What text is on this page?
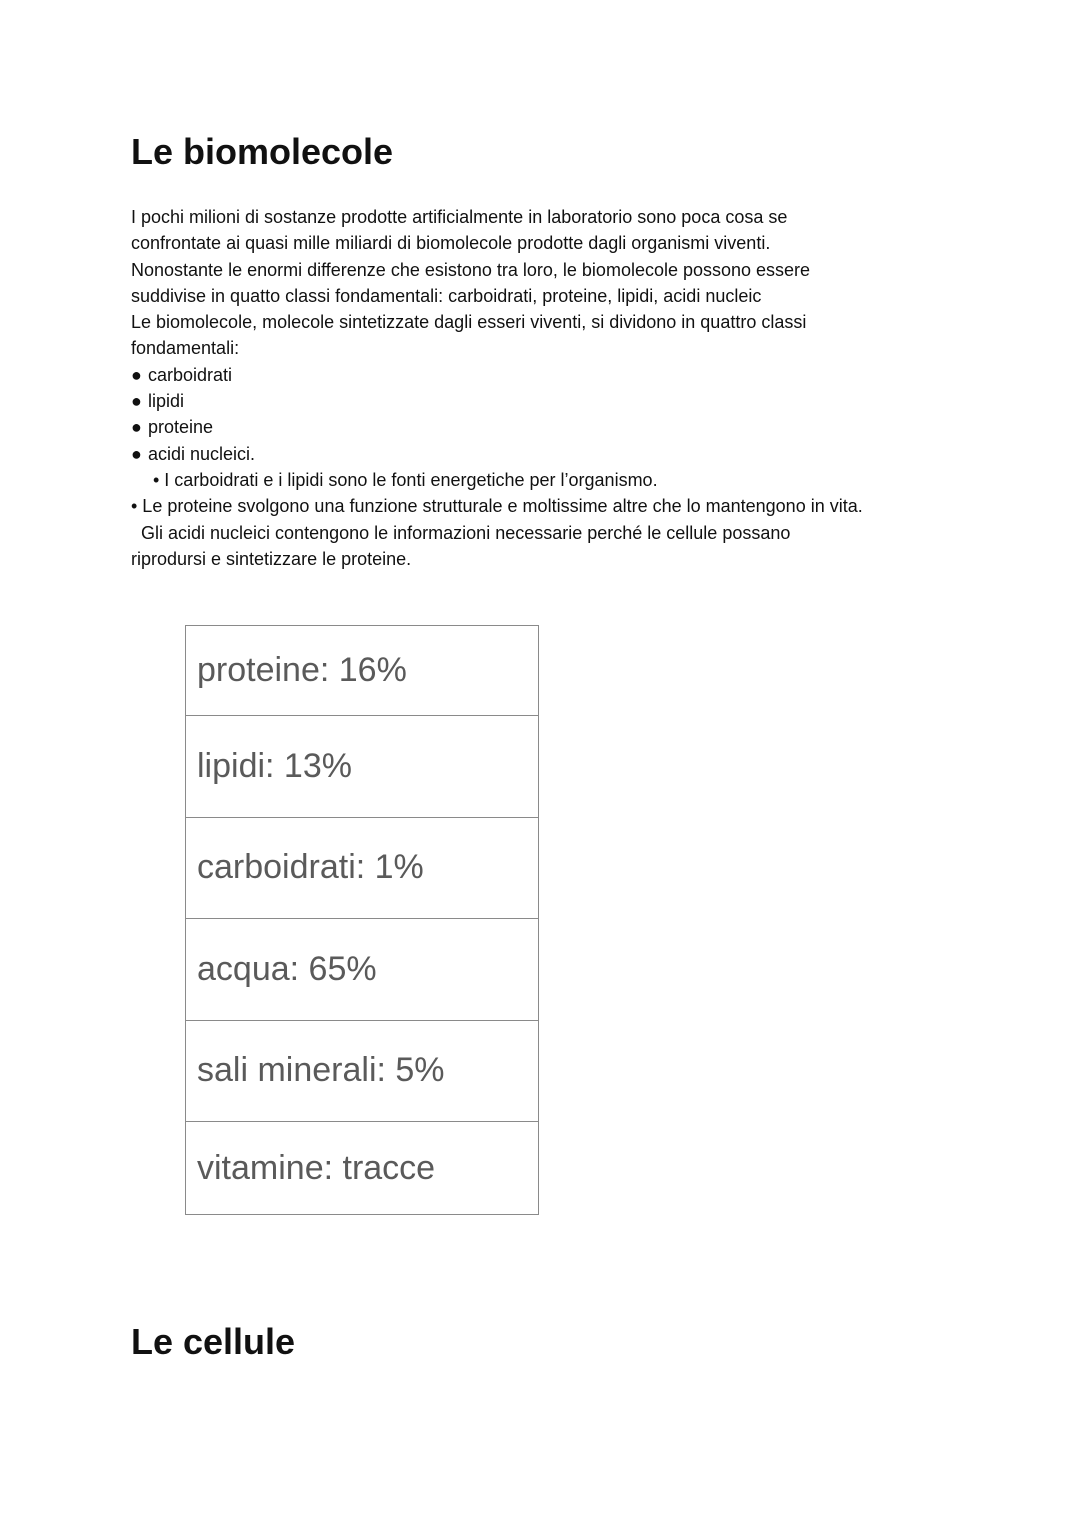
Le biomolecole
I pochi milioni di sostanze prodotte artificialmente in laboratorio sono poca cosa se
confrontate ai quasi mille miliardi di biomolecole prodotte dagli organismi viventi.
Nonostante le enormi differenze che esistono tra loro, le biomolecole possono essere
suddivise in quatto classi fondamentali: carboidrati, proteine, lipidi, acidi nucleic
Le biomolecole, molecole sintetizzate dagli esseri viventi, si dividono in quattro classi
fondamentali:
● carboidrati
● lipidi
● proteine
● acidi nucleici.
• I carboidrati e i lipidi sono le fonti energetiche per l’organismo.
• Le proteine svolgono una funzione strutturale e moltissime altre che lo mantengono in vita.
Gli acidi nucleici contengono le informazioni necessarie perché le cellule possano
riprodursi e sintetizzare le proteine.
proteine: 16%
lipidi: 13%
carboidrati: 1%
acqua: 65%
sali minerali: 5%
vitamine: tracce
Le cellule
